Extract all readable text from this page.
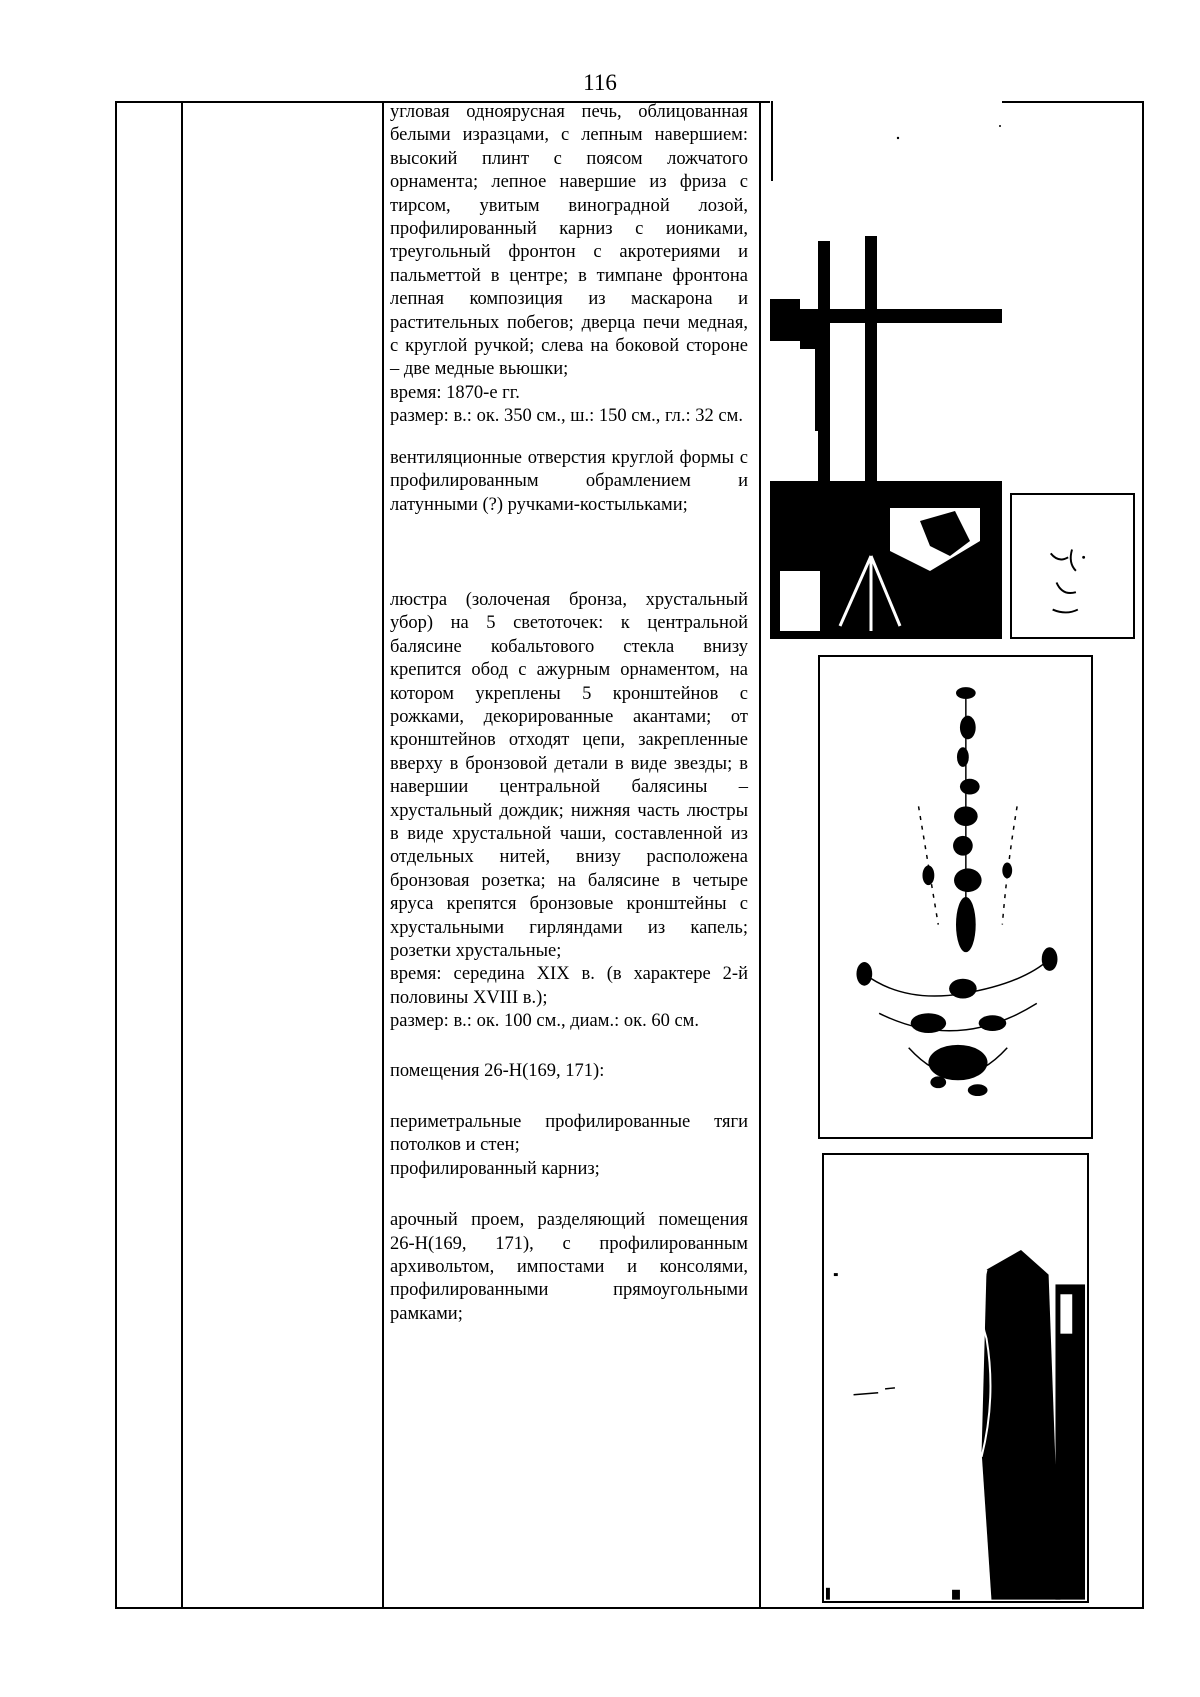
116

угловая одноярусная печь, облицованная белыми изразцами, с лепным навершием: высокий плинт с поясом ложчатого орнамента; лепное навершие из фриза с тирсом, увитым виноградной лозой, профилированный карниз с иониками, треугольный фронтон с акротериями и пальметтой в центре; в тимпане фронтона лепная композиция из маскарона и растительных побегов; дверца печи медная, с круглой ручкой; слева на боковой стороне – две медные вьюшки;

время: 1870-е гг.

размер: в.: ок. 350 см., ш.: 150 см., гл.: 32 см.

вентиляционные отверстия круглой формы с профилированным обрамлением и латунными (?) ручками-костыльками;

люстра (золоченая бронза, хрустальный убор) на 5 светоточек: к центральной балясине кобальтового стекла внизу крепится обод с ажурным орнаментом, на котором укреплены 5 кронштейнов с рожками, декорированные акантами; от кронштейнов отходят цепи, закрепленные вверху в бронзовой детали в виде звезды; в навершии центральной балясины – хрустальный дождик; нижняя часть люстры в виде хрустальной чаши, составленной из отдельных нитей, внизу расположена бронзовая розетка; на балясине в четыре яруса крепятся бронзовые кронштейны с хрустальными гирляндами из капель; розетки хрустальные;

время: середина XIX в. (в характере 2-й половины XVIII в.);

размер: в.: ок. 100 см., диам.: ок. 60 см.

помещения 26-Н(169, 171):

периметральные профилированные тяги потолков и стен;

профилированный карниз;

арочный проем, разделяющий помещения 26-Н(169, 171), с профилированным архивольтом, импостами и консолями, профилированными прямоугольными рамками;
